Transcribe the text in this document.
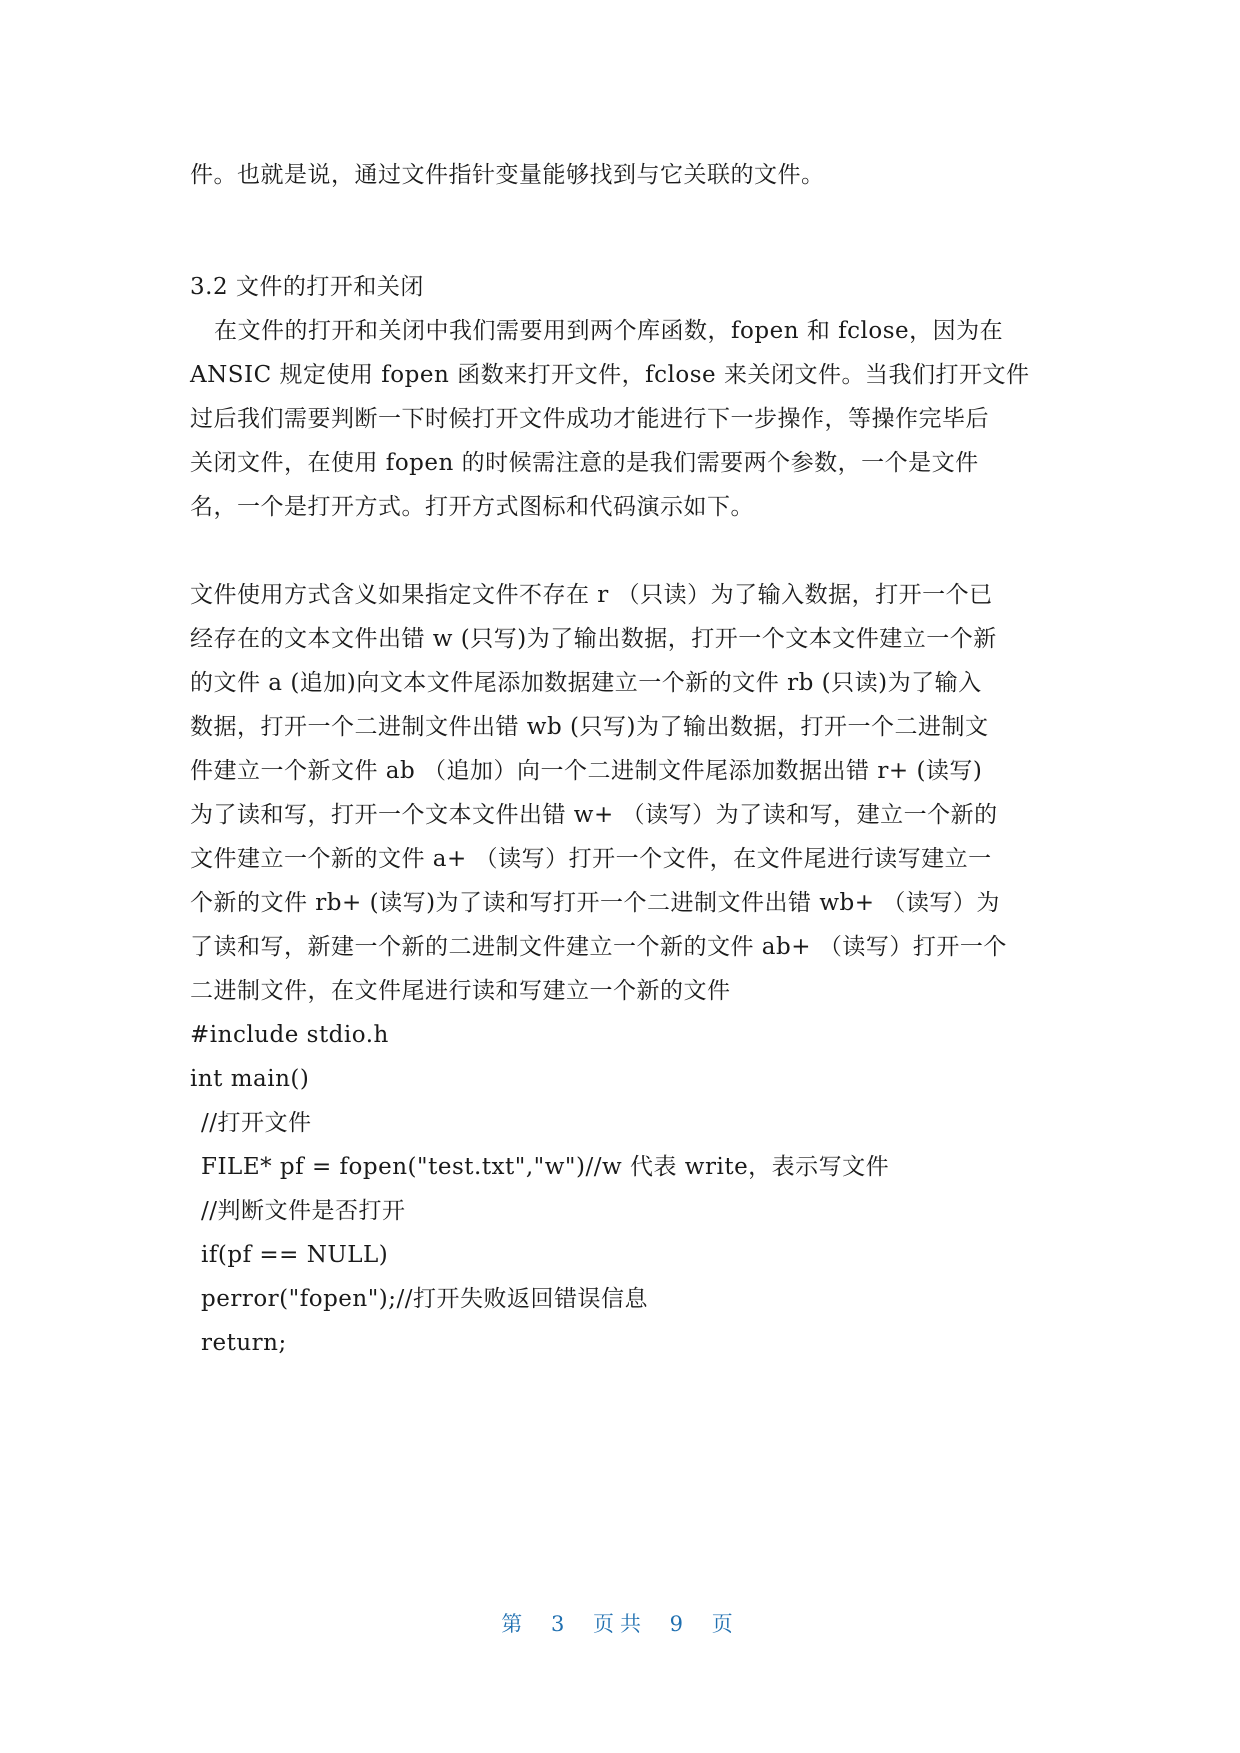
件。也就是说，通过文件指针变量能够找到与它关联的文件。
3.2 文件的打开和关闭
在文件的打开和关闭中我们需要用到两个库函数，fopen 和 fclose，因为在
ANSIC 规定使用 fopen 函数来打开文件，fclose 来关闭文件。当我们打开文件
过后我们需要判断一下时候打开文件成功才能进行下一步操作，等操作完毕后
关闭文件，在使用 fopen 的时候需注意的是我们需要两个参数，一个是文件
名，一个是打开方式。打开方式图标和代码演示如下。
文件使用方式含义如果指定文件不存在 r （只读）为了输入数据，打开一个已
经存在的文本文件出错 w (只写)为了输出数据，打开一个文本文件建立一个新
的文件 a (追加)向文本文件尾添加数据建立一个新的文件 rb (只读)为了输入
数据，打开一个二进制文件出错 wb (只写)为了输出数据，打开一个二进制文
件建立一个新文件 ab （追加）向一个二进制文件尾添加数据出错 r+ (读写)
为了读和写，打开一个文本文件出错 w+ （读写）为了读和写，建立一个新的
文件建立一个新的文件 a+ （读写）打开一个文件，在文件尾进行读写建立一
个新的文件 rb+ (读写)为了读和写打开一个二进制文件出错 wb+ （读写）为
了读和写，新建一个新的二进制文件建立一个新的文件 ab+ （读写）打开一个
二进制文件，在文件尾进行读和写建立一个新的文件
#include stdio.h
int main()
//打开文件
FILE* pf = fopen("test.txt","w")//w 代表 write，表示写文件
//判断文件是否打开
if(pf == NULL)
perror("fopen");//打开失败返回错误信息
return;
第 3 页共 9 页
